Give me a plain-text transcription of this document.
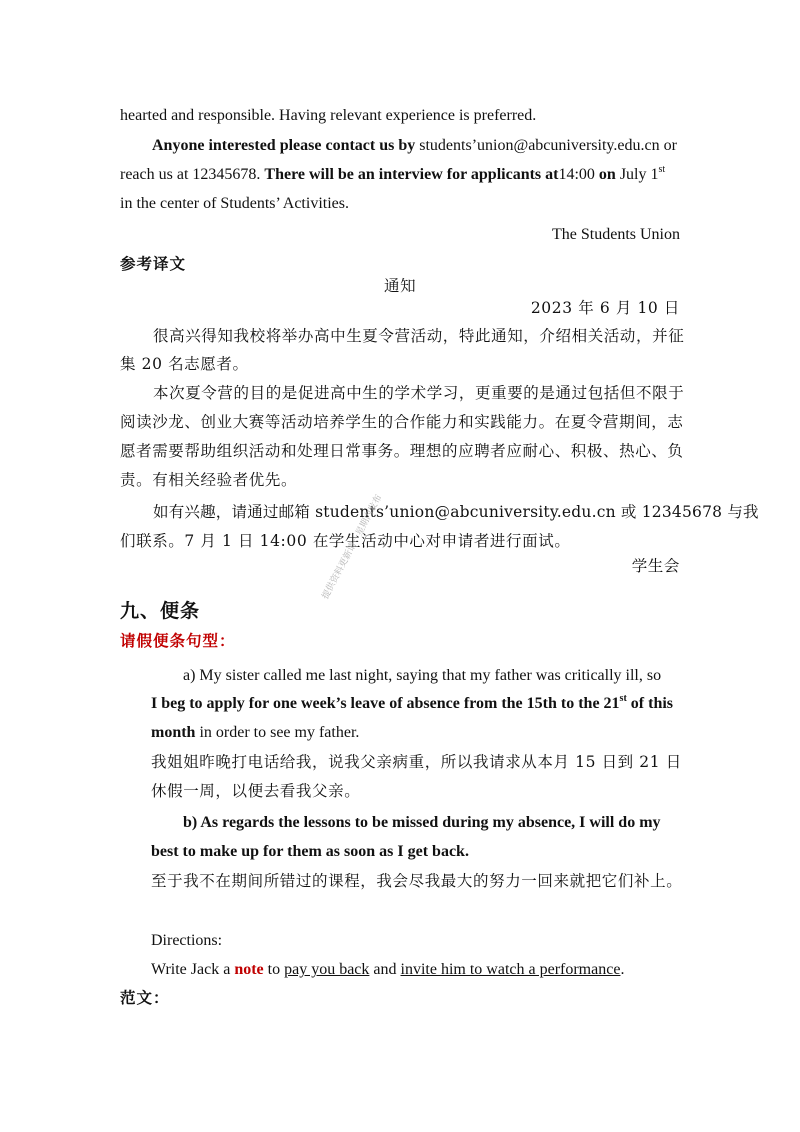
hearted and responsible. Having relevant experience is preferred.
Anyone interested please contact us by students’union@abcuniversity.edu.cn or
reach us at 12345678. There will be an interview for applicants at14:00 on July 1st
in the center of Students’ Activities.
The Students Union
参考译文
通知
2023 年 6 月 10 日
很高兴得知我校将举办高中生夏令营活动，特此通知，介绍相关活动，并征
集 20 名志愿者。
本次夏令营的目的是促进高中生的学术学习，更重要的是通过包括但不限于
阅读沙龙、创业大赛等活动培养学生的合作能力和实践能力。在夏令营期间，志
愿者需要帮助组织活动和处理日常事务。理想的应聘者应耐心、积极、热心、负
责。有相关经验者优先。
如有兴趣，请通过邮箱 students’union@abcuniversity.edu.cn 或 12345678 与我
们联系。7 月 1 日 14:00 在学生活动中心对申请者进行面试。
学生会
提供资料更新请一星期内发布
九、便条
请假便条句型：
a) My sister called me last night, saying that my father was critically ill, so
I beg to apply for one week’s leave of absence from the 15th to the 21st of this
month in order to see my father.
我姐姐昨晚打电话给我，说我父亲病重，所以我请求从本月 15 日到 21 日
休假一周，以便去看我父亲。
b) As regards the lessons to be missed during my absence, I will do my
best to make up for them as soon as I get back.
至于我不在期间所错过的课程，我会尽我最大的努力一回来就把它们补上。
Directions:
Write Jack a note to pay you back and invite him to watch a performance.
范文：
